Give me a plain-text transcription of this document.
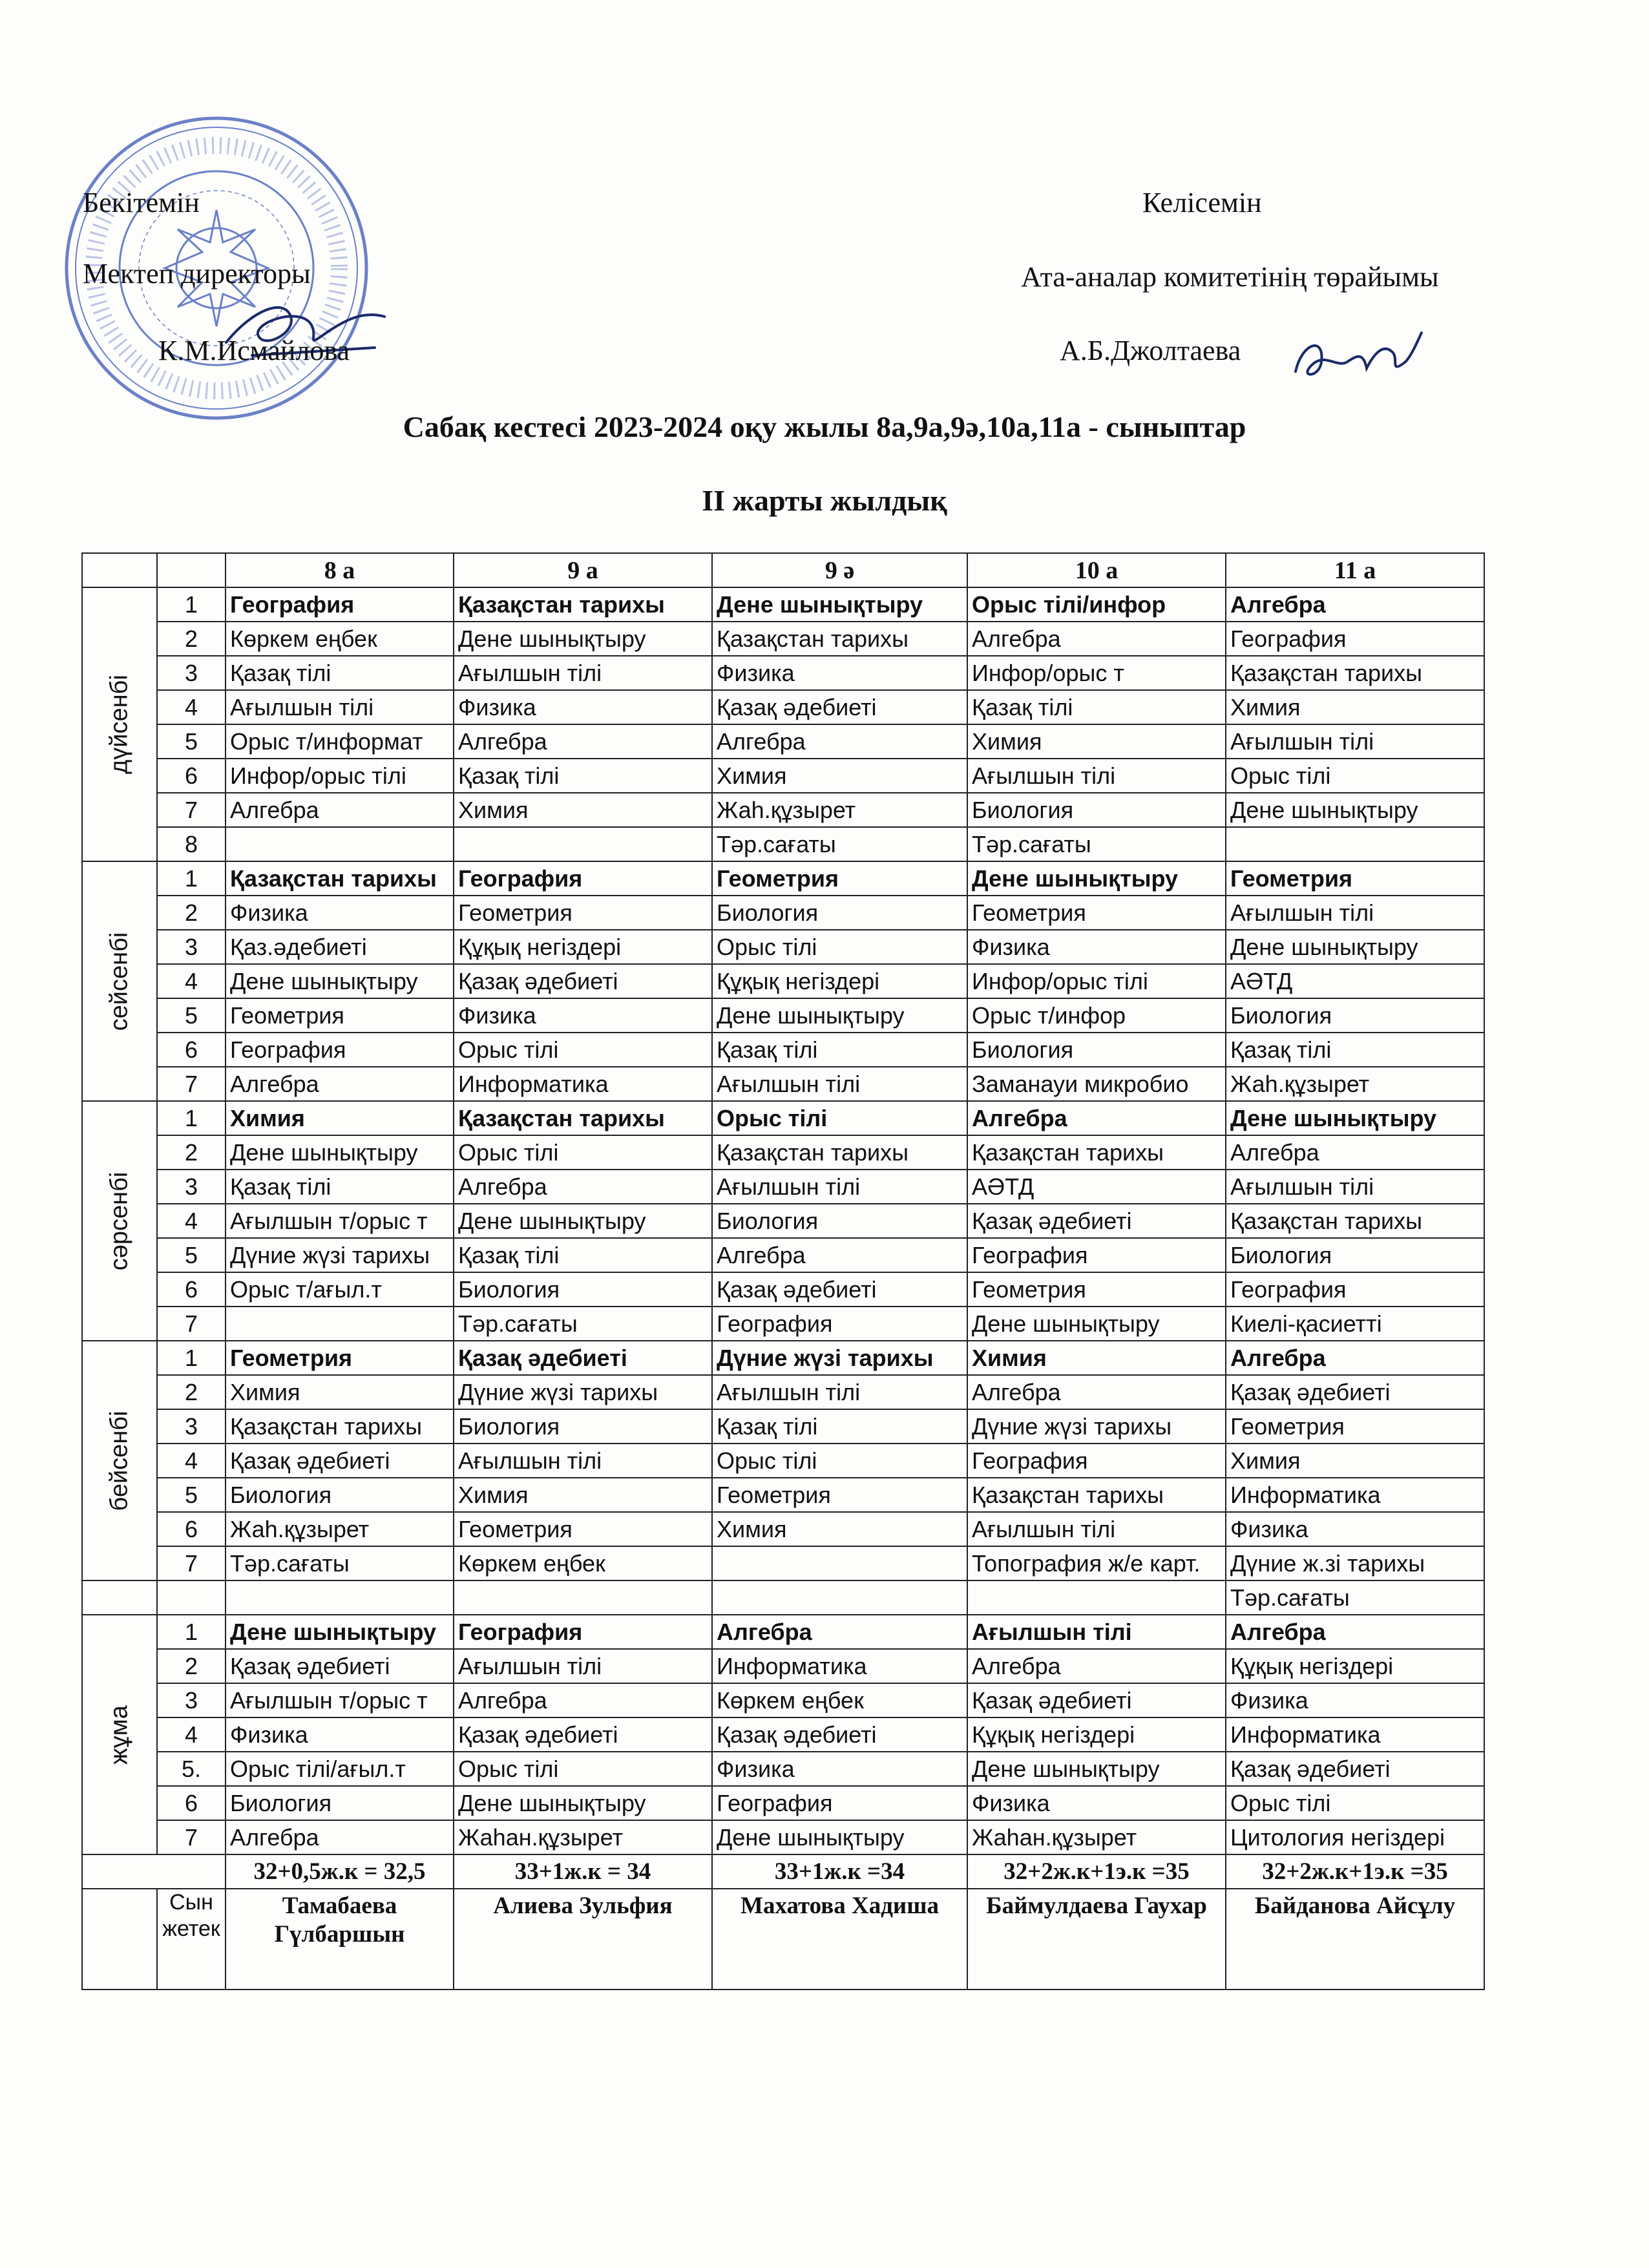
Бекітемін
Мектеп директоры
К.М.Исмайлова
Келісемін
Ата-аналар комитетінің төрайымы
А.Б.Джолтаева
Сабақ кестесі 2023-2024 оқу жылы 8а,9а,9ә,10а,11а - сыныптар
ІІ жарты жылдық
		8 а	9 а	9 ә	10 а	11 а

дүйсенбі	1	География	Қазақстан тарихы	Дене шынықтыру	Орыс тілі/инфор	Алгебра
	2	Көркем еңбек	Дене шынықтыру	Қазақстан тарихы	Алгебра	География
	3	Қазақ тілі	Ағылшын тілі	Физика	Инфор/орыс т	Қазақстан тарихы
	4	Ағылшын тілі	Физика	Қазақ әдебиеті	Қазақ тілі	Химия
	5	Орыс т/информат	Алгебра	Алгебра	Химия	Ағылшын тілі
	6	Инфор/орыс тілі	Қазақ тілі	Химия	Ағылшын тілі	Орыс тілі
	7	Алгебра	Химия	Жаһ.құзырет	Биология	Дене шынықтыру
	8			Тәр.сағаты	Тәр.сағаты	

сейсенбі	1	Қазақстан тарихы	География	Геометрия	Дене шынықтыру	Геометрия
	2	Физика	Геометрия	Биология	Геометрия	Ағылшын тілі
	3	Қаз.әдебиеті	Құқық негіздері	Орыс тілі	Физика	Дене шынықтыру
	4	Дене шынықтыру	Қазақ әдебиеті	Құқық негіздері	Инфор/орыс тілі	АӘТД
	5	Геометрия	Физика	Дене шынықтыру	Орыс т/инфор	Биология
	6	География	Орыс тілі	Қазақ тілі	Биология	Қазақ тілі
	7	Алгебра	Информатика	Ағылшын тілі	Заманауи микробио	Жаһ.құзырет

сәрсенбі	1	Химия	Қазақстан тарихы	Орыс тілі	Алгебра	Дене шынықтыру
	2	Дене шынықтыру	Орыс тілі	Қазақстан тарихы	Қазақстан тарихы	Алгебра
	3	Қазақ тілі	Алгебра	Ағылшын тілі	АӘТД	Ағылшын тілі
	4	Ағылшын т/орыс т	Дене шынықтыру	Биология	Қазақ әдебиеті	Қазақстан тарихы
	5	Дүние жүзі тарихы	Қазақ тілі	Алгебра	География	Биология
	6	Орыс т/ағыл.т	Биология	Қазақ әдебиеті	Геометрия	География
	7		Тәр.сағаты	География	Дене шынықтыру	Киелі-қасиетті

бейсенбі	1	Геометрия	Қазақ әдебиеті	Дүние жүзі тарихы	Химия	Алгебра
	2	Химия	Дүние жүзі тарихы	Ағылшын тілі	Алгебра	Қазақ әдебиеті
	3	Қазақстан тарихы	Биология	Қазақ тілі	Дүние жүзі тарихы	Геометрия
	4	Қазақ әдебиеті	Ағылшын тілі	Орыс тілі	География	Химия
	5	Биология	Химия	Геометрия	Қазақстан тарихы	Информатика
	6	Жаһ.құзырет	Геометрия	Химия	Ағылшын тілі	Физика
	7	Тәр.сағаты	Көркем еңбек		Топография ж/е карт.	Дүние ж.зі тарихы
						Тәр.сағаты

жұма	1	Дене шынықтыру	География	Алгебра	Ағылшын тілі	Алгебра
	2	Қазақ әдебиеті	Ағылшын тілі	Информатика	Алгебра	Құқық негіздері
	3	Ағылшын т/орыс т	Алгебра	Көркем еңбек	Қазақ әдебиеті	Физика
	4	Физика	Қазақ әдебиеті	Қазақ әдебиеті	Құқық негіздері	Информатика
	5.	Орыс тілі/ағыл.т	Орыс тілі	Физика	Дене шынықтыру	Қазақ әдебиеті
	6	Биология	Дене шынықтыру	География	Физика	Орыс тілі
	7	Алгебра	Жаһан.құзырет	Дене шынықтыру	Жаһан.құзырет	Цитология негіздері
		32+0,5ж.к = 32,5	33+1ж.к = 34	33+1ж.к =34	32+2ж.к+1э.к =35	32+2ж.к+1э.к =35
	Сын жетек	Тамабаева Гүлбаршын	Алиева Зульфия	Махатова Хадиша	Баймулдаева Гаухар	Байданова Айсұлу
